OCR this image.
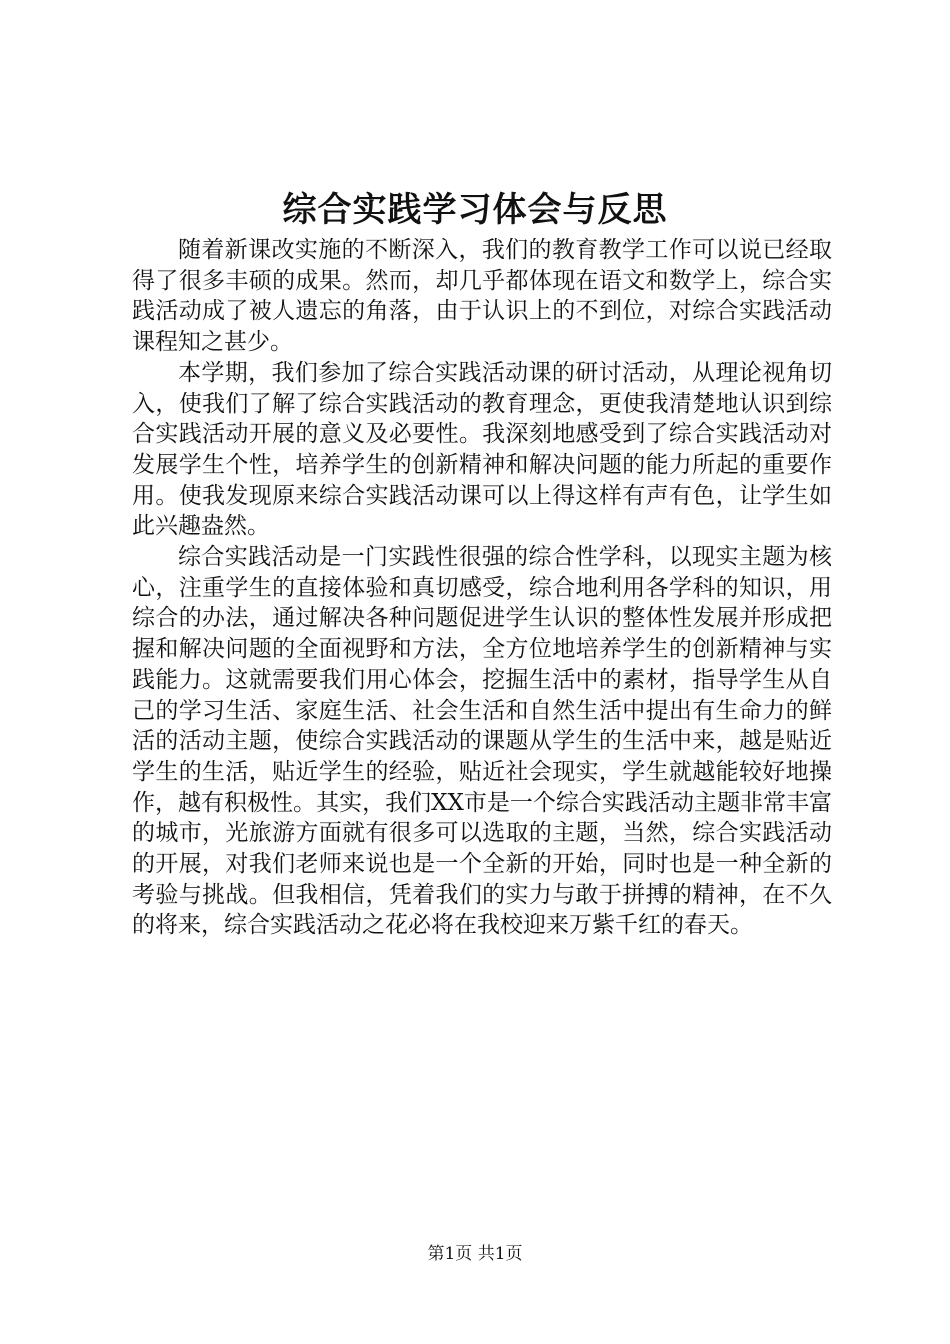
综合实践学习体会与反思

随着新课改实施的不断深入，我们的教育教学工作可以说已经取得了很多丰硕的成果。然而，却几乎都体现在语文和数学上，综合实践活动成了被人遗忘的角落，由于认识上的不到位，对综合实践活动课程知之甚少。

本学期，我们参加了综合实践活动课的研讨活动，从理论视角切入，使我们了解了综合实践活动的教育理念，更使我清楚地认识到综合实践活动开展的意义及必要性。我深刻地感受到了综合实践活动对发展学生个性，培养学生的创新精神和解决问题的能力所起的重要作用。使我发现原来综合实践活动课可以上得这样有声有色，让学生如此兴趣盎然。

综合实践活动是一门实践性很强的综合性学科，以现实主题为核心，注重学生的直接体验和真切感受，综合地利用各学科的知识，用综合的办法，通过解决各种问题促进学生认识的整体性发展并形成把握和解决问题的全面视野和方法，全方位地培养学生的创新精神与实践能力。这就需要我们用心体会，挖掘生活中的素材，指导学生从自己的学习生活、家庭生活、社会生活和自然生活中提出有生命力的鲜活的活动主题，使综合实践活动的课题从学生的生活中来，越是贴近学生的生活，贴近学生的经验，贴近社会现实，学生就越能较好地操作，越有积极性。其实，我们XX市是一个综合实践活动主题非常丰富的城市，光旅游方面就有很多可以选取的主题，当然，综合实践活动的开展，对我们老师来说也是一个全新的开始，同时也是一种全新的考验与挑战。但我相信，凭着我们的实力与敢于拼搏的精神，在不久的将来，综合实践活动之花必将在我校迎来万紫千红的春天。

第1页 共1页
